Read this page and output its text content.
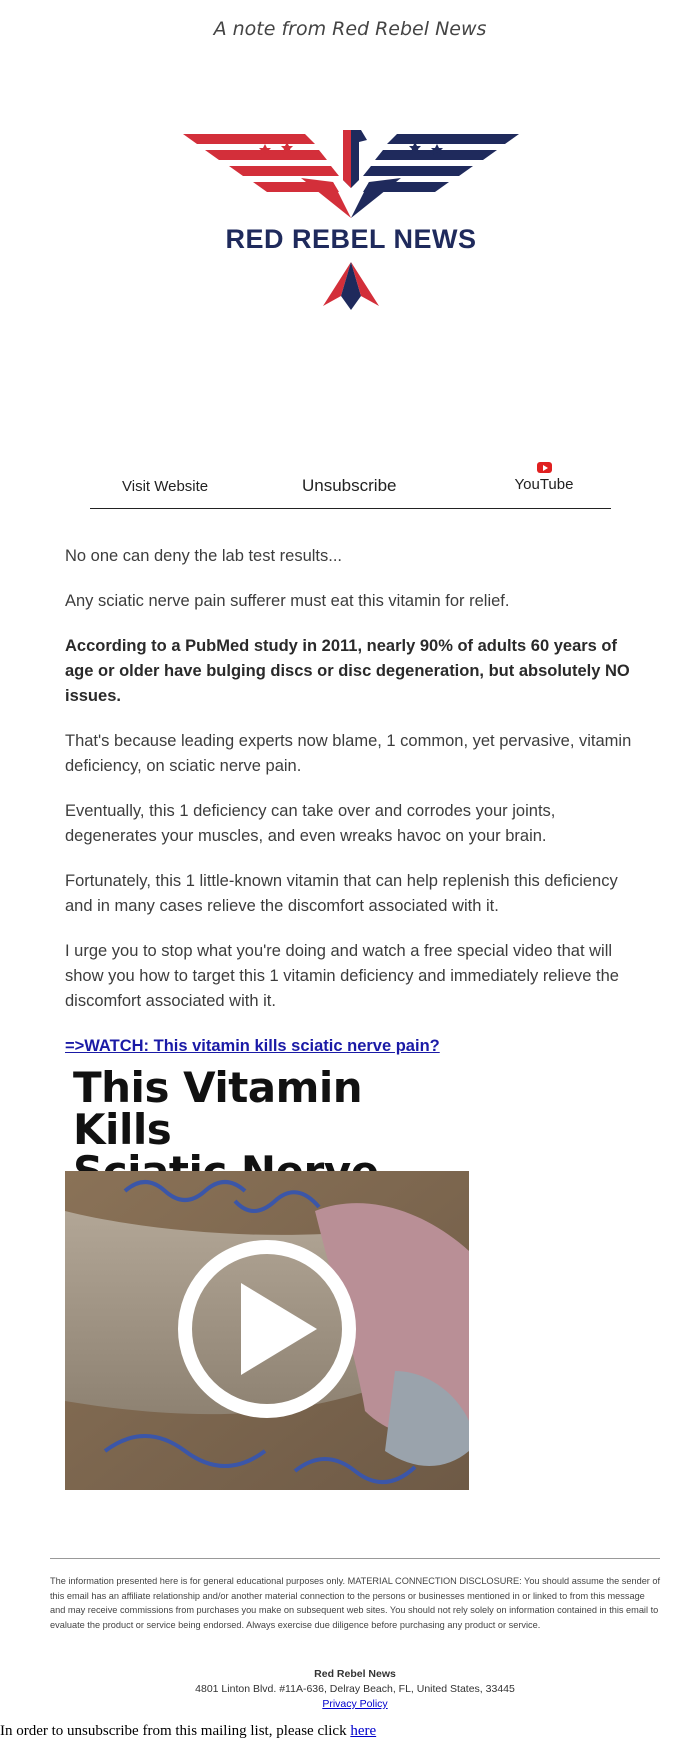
A note from Red Rebel News
RED REBEL NEWS
Visit Website	Unsubscribe	YouTube

No one can deny the lab test results...

Any sciatic nerve pain sufferer must eat this vitamin for relief.

According to a PubMed study in 2011, nearly 90% of adults 60 years of age or older have bulging discs or disc degeneration, but absolutely NO issues.

That's because leading experts now blame, 1 common, yet pervasive, vitamin deficiency, on sciatic nerve pain.

Eventually, this 1 deficiency can take over and corrodes your joints, degenerates your muscles, and even wreaks havoc on your brain.

Fortunately, this 1 little-known vitamin that can help replenish this deficiency and in many cases relieve the discomfort associated with it.

I urge you to stop what you're doing and watch a free special video that will show you how to target this 1 vitamin deficiency and immediately relieve the discomfort associated with it.

=>WATCH: This vitamin kills sciatic nerve pain?
This Vitamin Kills
The information presented here is for general educational purposes only. MATERIAL CONNECTION DISCLOSURE: You should assume the sender of this email has an affiliate relationship and/or another material connection to the persons or businesses mentioned in or linked to from this message and may receive commissions from purchases you make on subsequent web sites. You should not rely solely on information contained in this email to evaluate the product or service being endorsed. Always exercise due diligence before purchasing any product or service.
Red Rebel News
4801 Linton Blvd. #11A-636, Delray Beach, FL, United States, 33445
Privacy Policy
In order to unsubscribe from this mailing list, please click here
